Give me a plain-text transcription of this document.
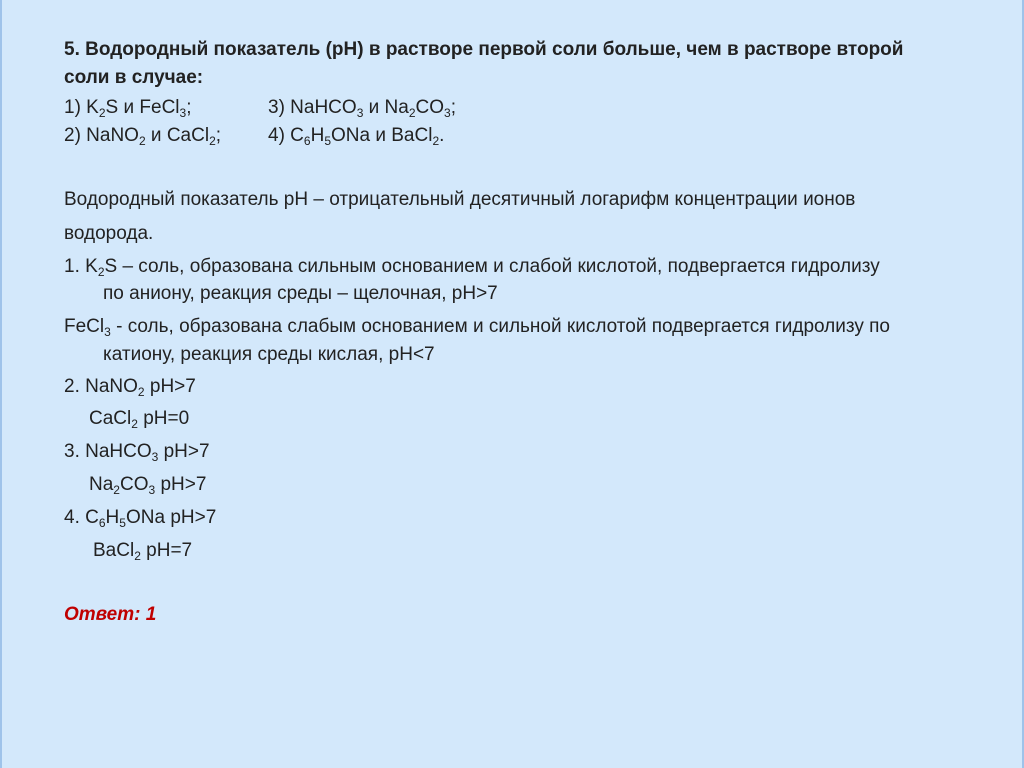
5. Водородный показатель (рН) в растворе первой соли больше, чем в растворе второй
соли в случае:
1) $K_2S$ и FeCl$_3$;	3) NaHCO$_3$ и $Na_2CO_3$;
2) NaNO$_2$ и CaCl$_2$; 4) $C_6H_5ONa$ и BaCl$_2$.
Водородный показатель рН – отрицательный десятичный логарифм концентрации ионов
водорода.
1. $K_2S$ – соль, образована сильным основанием и слабой кислотой, подвергается гидролизу
по аниону, реакция среды – щелочная, рН>7
FeCl$_3$ - соль, образована слабым основанием и сильной кислотой подвергается гидролизу по
катиону, реакция среды кислая, рН<7
2. NaNO$_2$ рН>7
CaCl$_2$ рН=0
3. NaHCO$_3$ рН>7
$Na_2CO_3$ рН>7
4. $C_6H_5ONa$ рН>7
BaCl$_2$ рН=7
Ответ: 1
